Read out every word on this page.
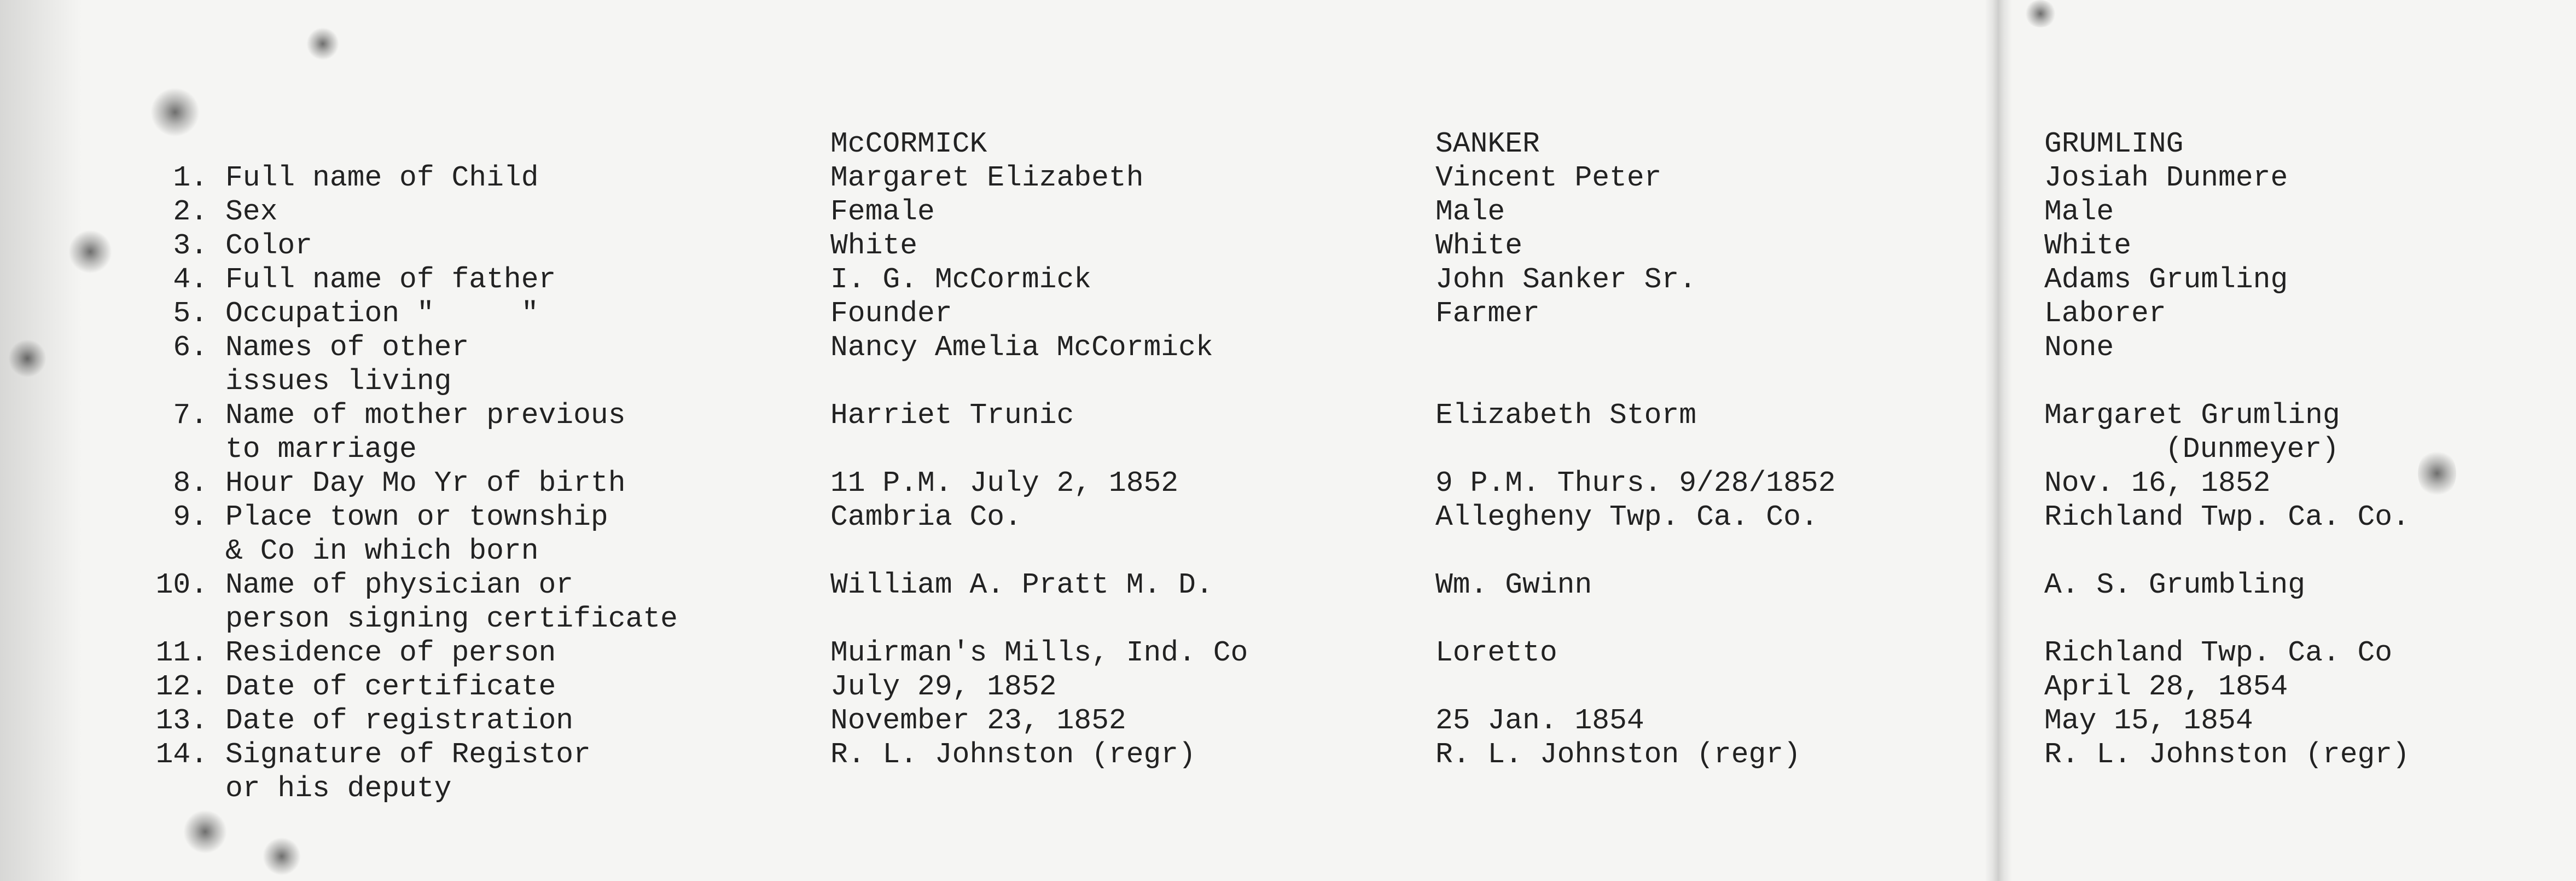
McCORMICK	SANKER	GRUMLING
1. Full name of Child
2. Sex
3. Color
4. Full name of father
5. Occupation "     "
6. Names of other
issues living
7. Name of mother previous
to marriage
8. Hour Day Mo Yr of birth
9. Place town or township
& Co in which born
10. Name of physician or
person signing certificate
11. Residence of person
12. Date of certificate
13. Date of registration
14. Signature of Registor
or his deputy
Margaret Elizabeth
Female
White
I. G. McCormick
Founder
Nancy Amelia McCormick
Harriet Trunic
11 P.M. July 2, 1852
Cambria Co.
William A. Pratt M. D.
Muirman's Mills, Ind. Co
July 29, 1852
November 23, 1852
R. L. Johnston (regr)
Vincent Peter
Male
White
John Sanker Sr.
Farmer
Elizabeth Storm
9 P.M. Thurs. 9/28/1852
Allegheny Twp. Ca. Co.
Wm. Gwinn
Loretto
25 Jan. 1854
R. L. Johnston (regr)
Josiah Dunmere
Male
White
Adams Grumling
Laborer
None
Margaret Grumling
(Dunmeyer)
Nov. 16, 1852
Richland Twp. Ca. Co.
A. S. Grumbling
Richland Twp. Ca. Co
April 28, 1854
May 15, 1854
R. L. Johnston (regr)
